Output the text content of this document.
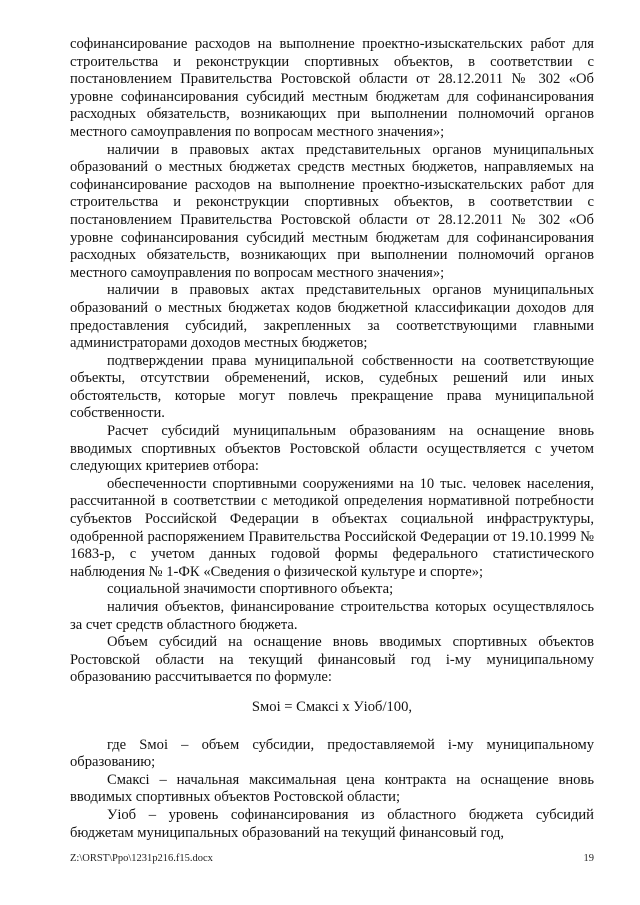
софинансирование расходов на выполнение проектно-изыскательских работ для строительства и реконструкции спортивных объектов, в соответствии с постановлением Правительства Ростовской области от 28.12.2011 № 302 «Об уровне софинансирования субсидий местным бюджетам для софинансирования расходных обязательств, возникающих при выполнении полномочий органов местного самоуправления по вопросам местного значения»;

наличии в правовых актах представительных органов муниципальных образований о местных бюджетах средств местных бюджетов, направляемых на софинансирование расходов на выполнение проектно-изыскательских работ для строительства и реконструкции спортивных объектов, в соответствии с постановлением Правительства Ростовской области от 28.12.2011 № 302 «Об уровне софинансирования субсидий местным бюджетам для софинансирования расходных обязательств, возникающих при выполнении полномочий органов местного самоуправления по вопросам местного значения»;

наличии в правовых актах представительных органов муниципальных образований о местных бюджетах кодов бюджетной классификации доходов для предоставления субсидий, закрепленных за соответствующими главными администраторами доходов местных бюджетов;

подтверждении права муниципальной собственности на соответствующие объекты, отсутствии обременений, исков, судебных решений или иных обстоятельств, которые могут повлечь прекращение права муниципальной собственности.

Расчет субсидий муниципальным образованиям на оснащение вновь вводимых спортивных объектов Ростовской области осуществляется с учетом следующих критериев отбора:

обеспеченности спортивными сооружениями на 10 тыс. человек населения, рассчитанной в соответствии с методикой определения нормативной потребности субъектов Российской Федерации в объектах социальной инфраструктуры, одобренной распоряжением Правительства Российской Федерации от 19.10.1999 № 1683-р, с учетом данных годовой формы федерального статистического наблюдения № 1-ФК «Сведения о физической культуре и спорте»;

социальной значимости спортивного объекта;

наличия объектов, финансирование строительства которых осуществлялось за счет средств областного бюджета.

Объем субсидий на оснащение вновь вводимых спортивных объектов Ростовской области на текущий финансовый год i-му муниципальному образованию рассчитывается по формуле:

Sмoi = Смаксi х Уioб/100,

где Sмoi – объем субсидии, предоставляемой i-му муниципальному образованию;

Смаксi – начальная максимальная цена контракта на оснащение вновь вводимых спортивных объектов Ростовской области;

Уioб – уровень софинансирования из областного бюджета субсидий бюджетам муниципальных образований на текущий финансовый год,

Z:\ORST\Ppo\1231p216.f15.docx	19
